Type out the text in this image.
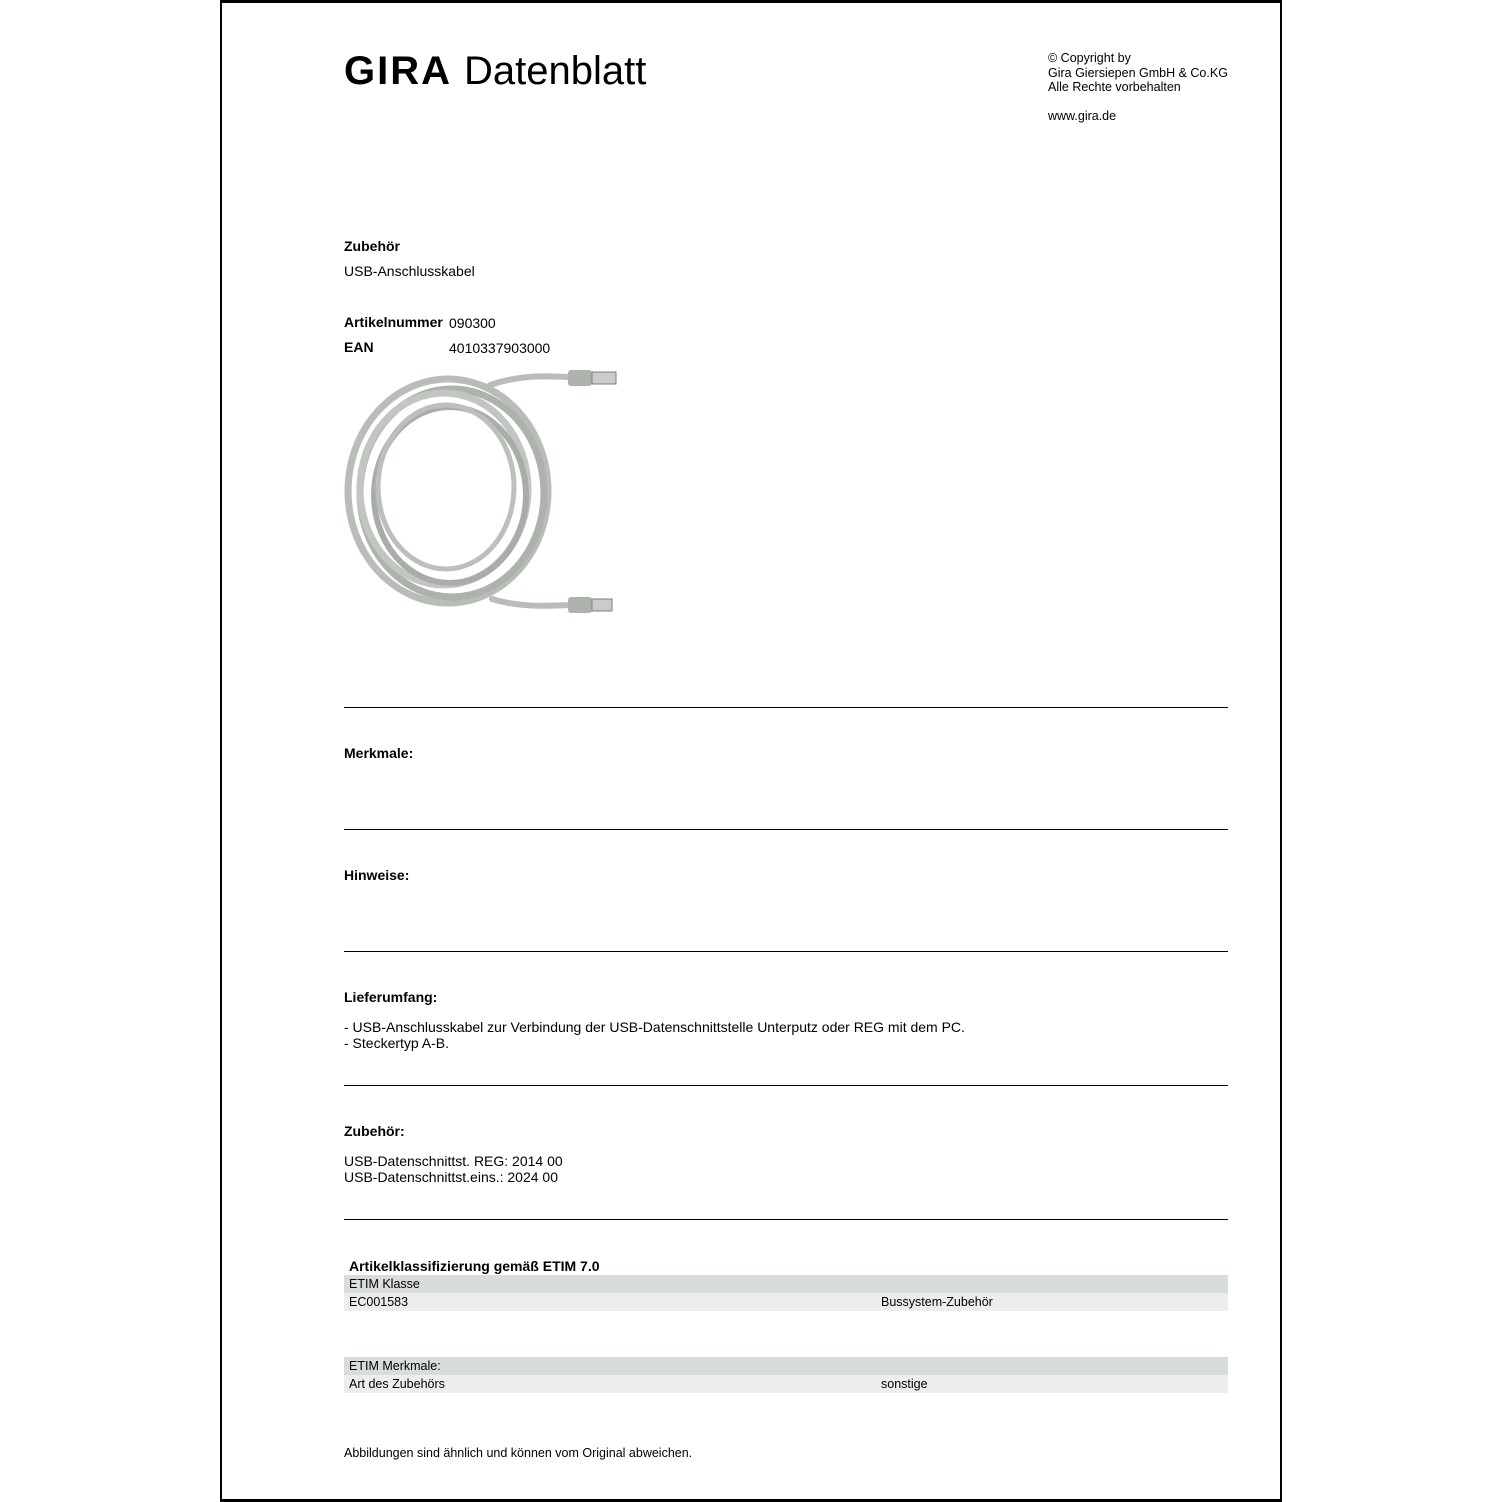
GIRA Datenblatt	© Copyright by
Gira Giersiepen GmbH & Co.KG
Alle Rechte vorbehalten
www.gira.de
Zubehör
USB-Anschlusskabel
Artikelnummer 090300
EAN	4010337903000
Merkmale:
Hinweise:
Lieferumfang:
- USB-Anschlusskabel zur Verbindung der USB-Datenschnittstelle Unterputz oder REG mit dem PC.
- Steckertyp A-B.
Zubehör:
USB-Datenschnittst. REG: 2014 00
USB-Datenschnittst.eins.: 2024 00
Artikelklassifizierung gemäß ETIM 7.0
ETIM Klasse
EC001583	Bussystem-Zubehör
ETIM Merkmale:
Art des Zubehörs	sonstige
Abbildungen sind ähnlich und können vom Original abweichen.
